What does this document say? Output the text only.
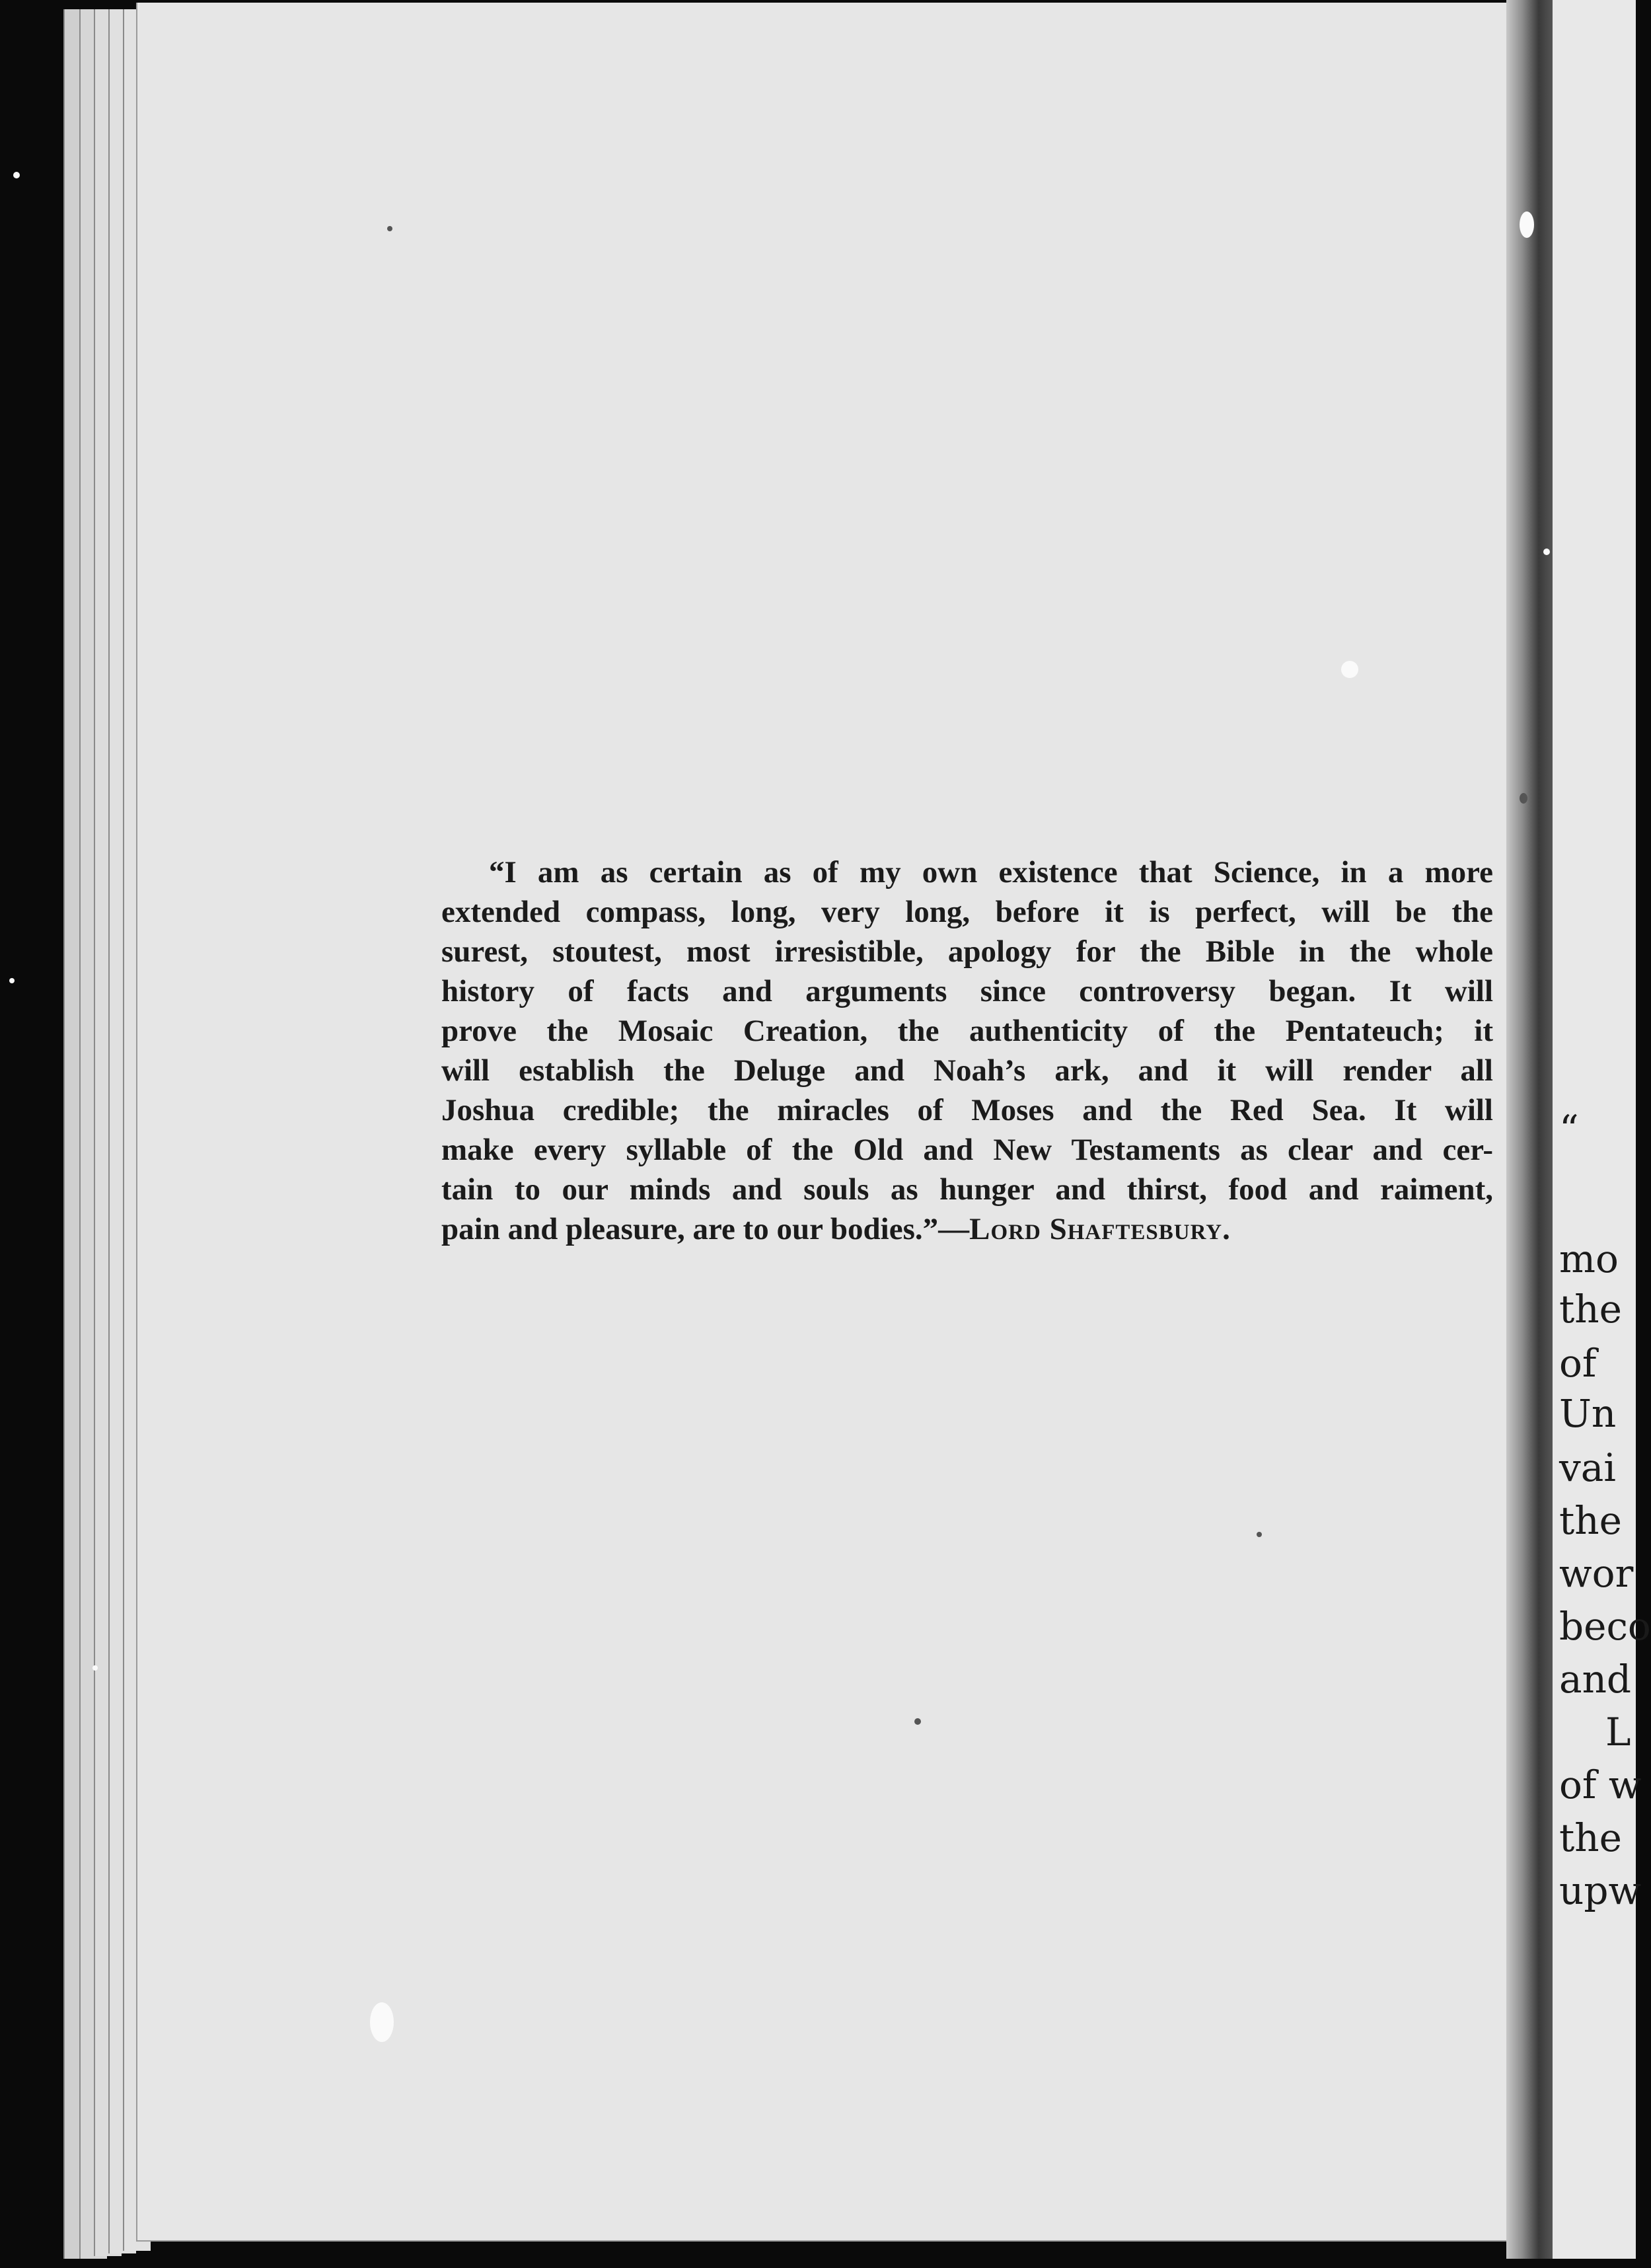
“I am as certain as of my own existence that Science, in a more
extended compass, long, very long, before it is perfect, will be the
surest, stoutest, most irresistible, apology for the Bible in the whole
history of facts and arguments since controversy began. It will
prove the Mosaic Creation, the authenticity of the Pentateuch; it
will establish the Deluge and Noah’s ark, and it will render all
Joshua credible; the miracles of Moses and the Red Sea. It will
make every syllable of the Old and New Testaments as clear and cer-
tain to our minds and souls as hunger and thirst, food and raiment,
pain and pleasure, are to our bodies.”—Lord Shaftesbury.
“
mo
the
of
Un
vai
the
wor
beco
and
L
of w
the
upw
